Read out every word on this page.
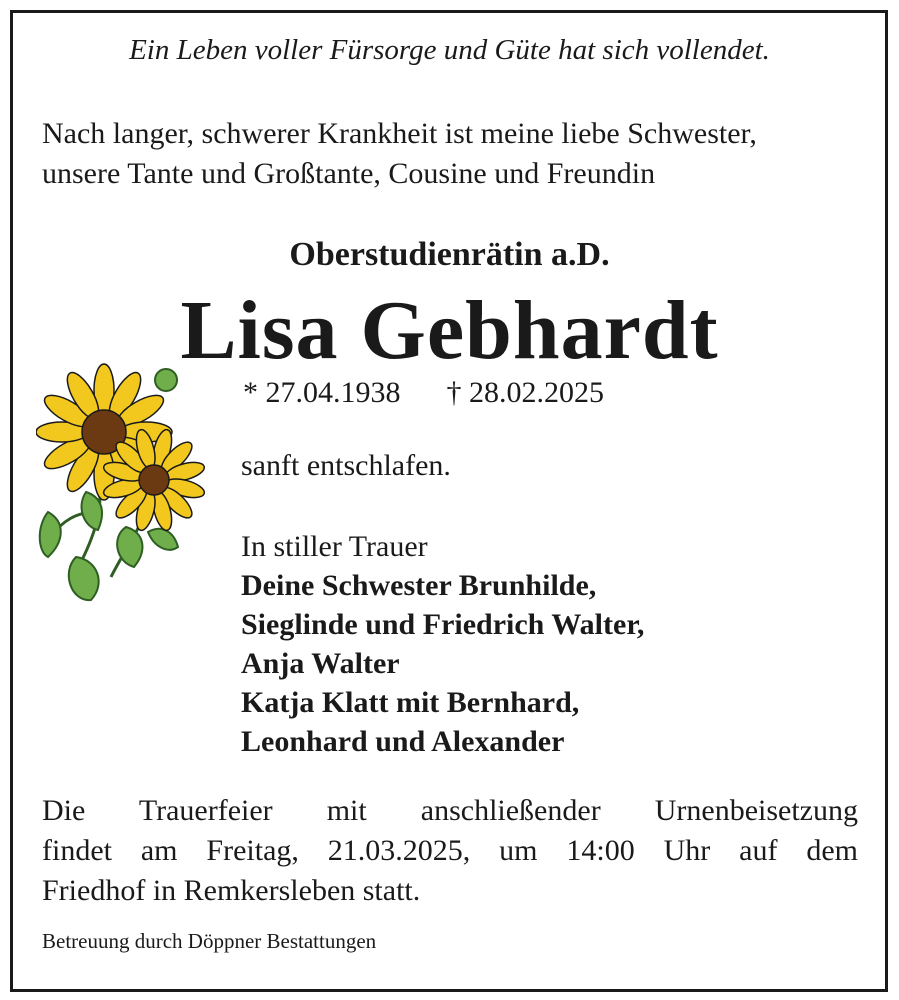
Ein Leben voller Fürsorge und Güte hat sich vollendet.
Nach langer, schwerer Krankheit ist meine liebe Schwester,
unsere Tante und Großtante, Cousine und Freundin
Oberstudienrätin a.D.
Lisa Gebhardt
* 27.04.1938 † 28.02.2025
sanft entschlafen.
In stiller Trauer
Deine Schwester Brunhilde,
Sieglinde und Friedrich Walter,
Anja Walter
Katja Klatt mit Bernhard,
Leonhard und Alexander
Die Trauerfeier mit anschließender Urnenbeisetzung
findet am Freitag, 21.03.2025, um 14:00 Uhr auf dem
Friedhof in Remkersleben statt.
Betreuung durch Döppner Bestattungen
